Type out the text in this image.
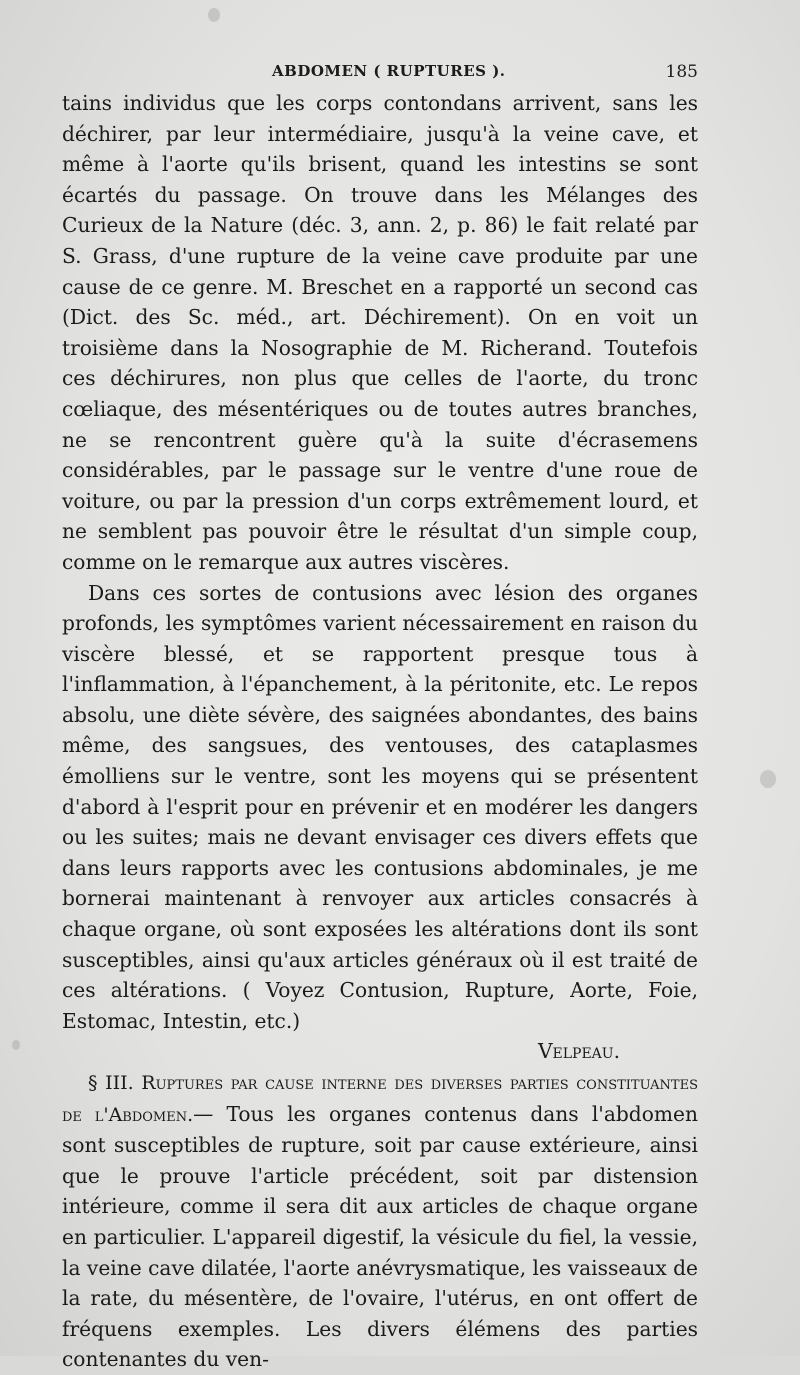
ABDOMEN ( RUPTURES ).	185

tains individus que les corps contondans arrivent, sans les déchirer, par leur intermédiaire, jusqu'à la veine cave, et même à l'aorte qu'ils brisent, quand les intestins se sont écartés du passage. On trouve dans les Mélanges des Curieux de la Nature (déc. 3, ann. 2, p. 86) le fait relaté par S. Grass, d'une rupture de la veine cave produite par une cause de ce genre. M. Breschet en a rapporté un second cas (Dict. des Sc. méd., art. Déchirement). On en voit un troisième dans la Nosographie de M. Richerand. Toutefois ces déchirures, non plus que celles de l'aorte, du tronc cœliaque, des mésentériques ou de toutes autres branches, ne se rencontrent guère qu'à la suite d'écrasemens considérables, par le passage sur le ventre d'une roue de voiture, ou par la pression d'un corps extrêmement lourd, et ne semblent pas pouvoir être le résultat d'un simple coup, comme on le remarque aux autres viscères.

Dans ces sortes de contusions avec lésion des organes profonds, les symptômes varient nécessairement en raison du viscère blessé, et se rapportent presque tous à l'inflammation, à l'épanchement, à la péritonite, etc. Le repos absolu, une diète sévère, des saignées abondantes, des bains même, des sangsues, des ventouses, des cataplasmes émolliens sur le ventre, sont les moyens qui se présentent d'abord à l'esprit pour en prévenir et en modérer les dangers ou les suites; mais ne devant envisager ces divers effets que dans leurs rapports avec les contusions abdominales, je me bornerai maintenant à renvoyer aux articles consacrés à chaque organe, où sont exposées les altérations dont ils sont susceptibles, ainsi qu'aux articles généraux où il est traité de ces altérations. ( Voyez Contusion, Rupture, Aorte, Foie, Estomac, Intestin, etc.)

Velpeau.

§ III. Ruptures par cause interne des diverses parties constituantes de l'Abdomen.— Tous les organes contenus dans l'abdomen sont susceptibles de rupture, soit par cause extérieure, ainsi que le prouve l'article précédent, soit par distension intérieure, comme il sera dit aux articles de chaque organe en particulier. L'appareil digestif, la vésicule du fiel, la vessie, la veine cave dilatée, l'aorte anévrysmatique, les vaisseaux de la rate, du mésentère, de l'ovaire, l'utérus, en ont offert de fréquens exemples. Les divers élémens des parties contenantes du ven-
